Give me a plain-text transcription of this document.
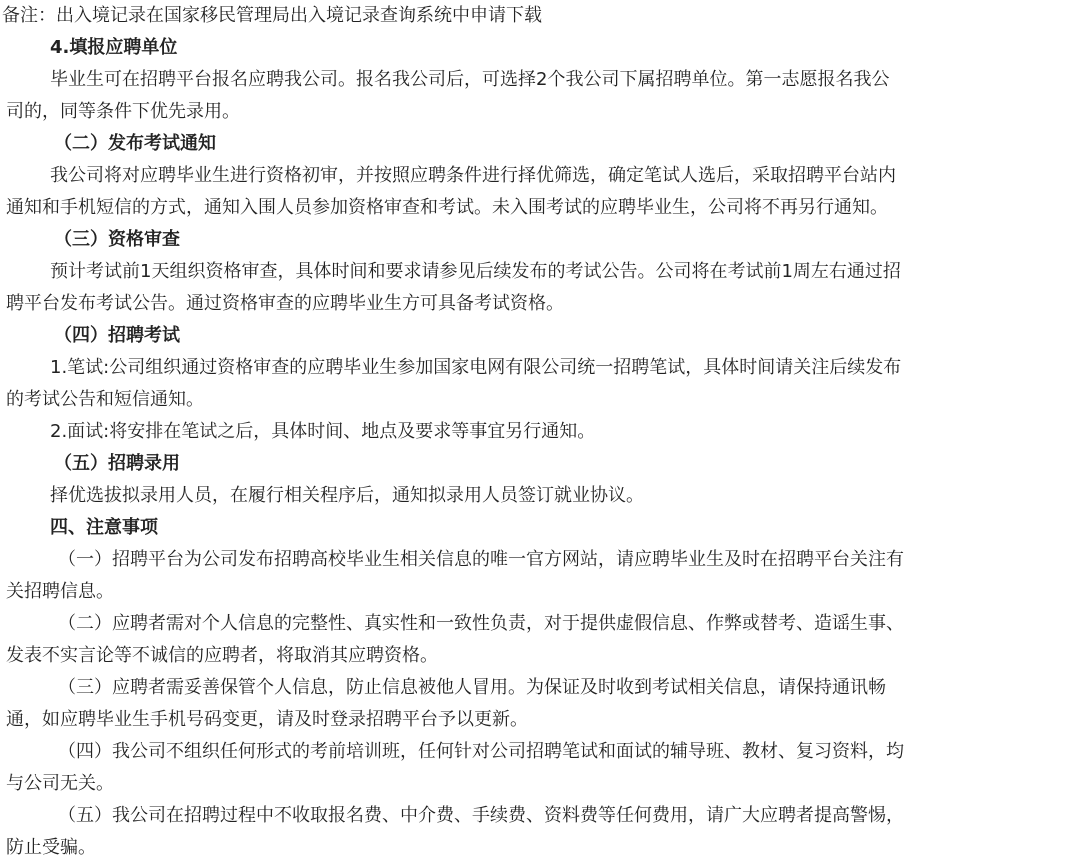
备注：出入境记录在国家移民管理局出入境记录查询系统中申请下载

4.填报应聘单位

毕业生可在招聘平台报名应聘我公司。报名我公司后，可选择2个我公司下属招聘单位。第一志愿报名我公

司的，同等条件下优先录用。

（二）发布考试通知

我公司将对应聘毕业生进行资格初审，并按照应聘条件进行择优筛选，确定笔试人选后，采取招聘平台站内

通知和手机短信的方式，通知入围人员参加资格审查和考试。未入围考试的应聘毕业生，公司将不再另行通知。

（三）资格审查

预计考试前1天组织资格审查，具体时间和要求请参见后续发布的考试公告。公司将在考试前1周左右通过招

聘平台发布考试公告。通过资格审查的应聘毕业生方可具备考试资格。

（四）招聘考试

1.笔试:公司组织通过资格审查的应聘毕业生参加国家电网有限公司统一招聘笔试，具体时间请关注后续发布

的考试公告和短信通知。

2.面试:将安排在笔试之后，具体时间、地点及要求等事宜另行通知。

（五）招聘录用

择优选拔拟录用人员，在履行相关程序后，通知拟录用人员签订就业协议。

四、注意事项

（一）招聘平台为公司发布招聘高校毕业生相关信息的唯一官方网站，请应聘毕业生及时在招聘平台关注有

关招聘信息。

（二）应聘者需对个人信息的完整性、真实性和一致性负责，对于提供虚假信息、作弊或替考、造谣生事、

发表不实言论等不诚信的应聘者，将取消其应聘资格。

（三）应聘者需妥善保管个人信息，防止信息被他人冒用。为保证及时收到考试相关信息，请保持通讯畅

通，如应聘毕业生手机号码变更，请及时登录招聘平台予以更新。

（四）我公司不组织任何形式的考前培训班，任何针对公司招聘笔试和面试的辅导班、教材、复习资料，均

与公司无关。

（五）我公司在招聘过程中不收取报名费、中介费、手续费、资料费等任何费用，请广大应聘者提高警惕，

防止受骗。
